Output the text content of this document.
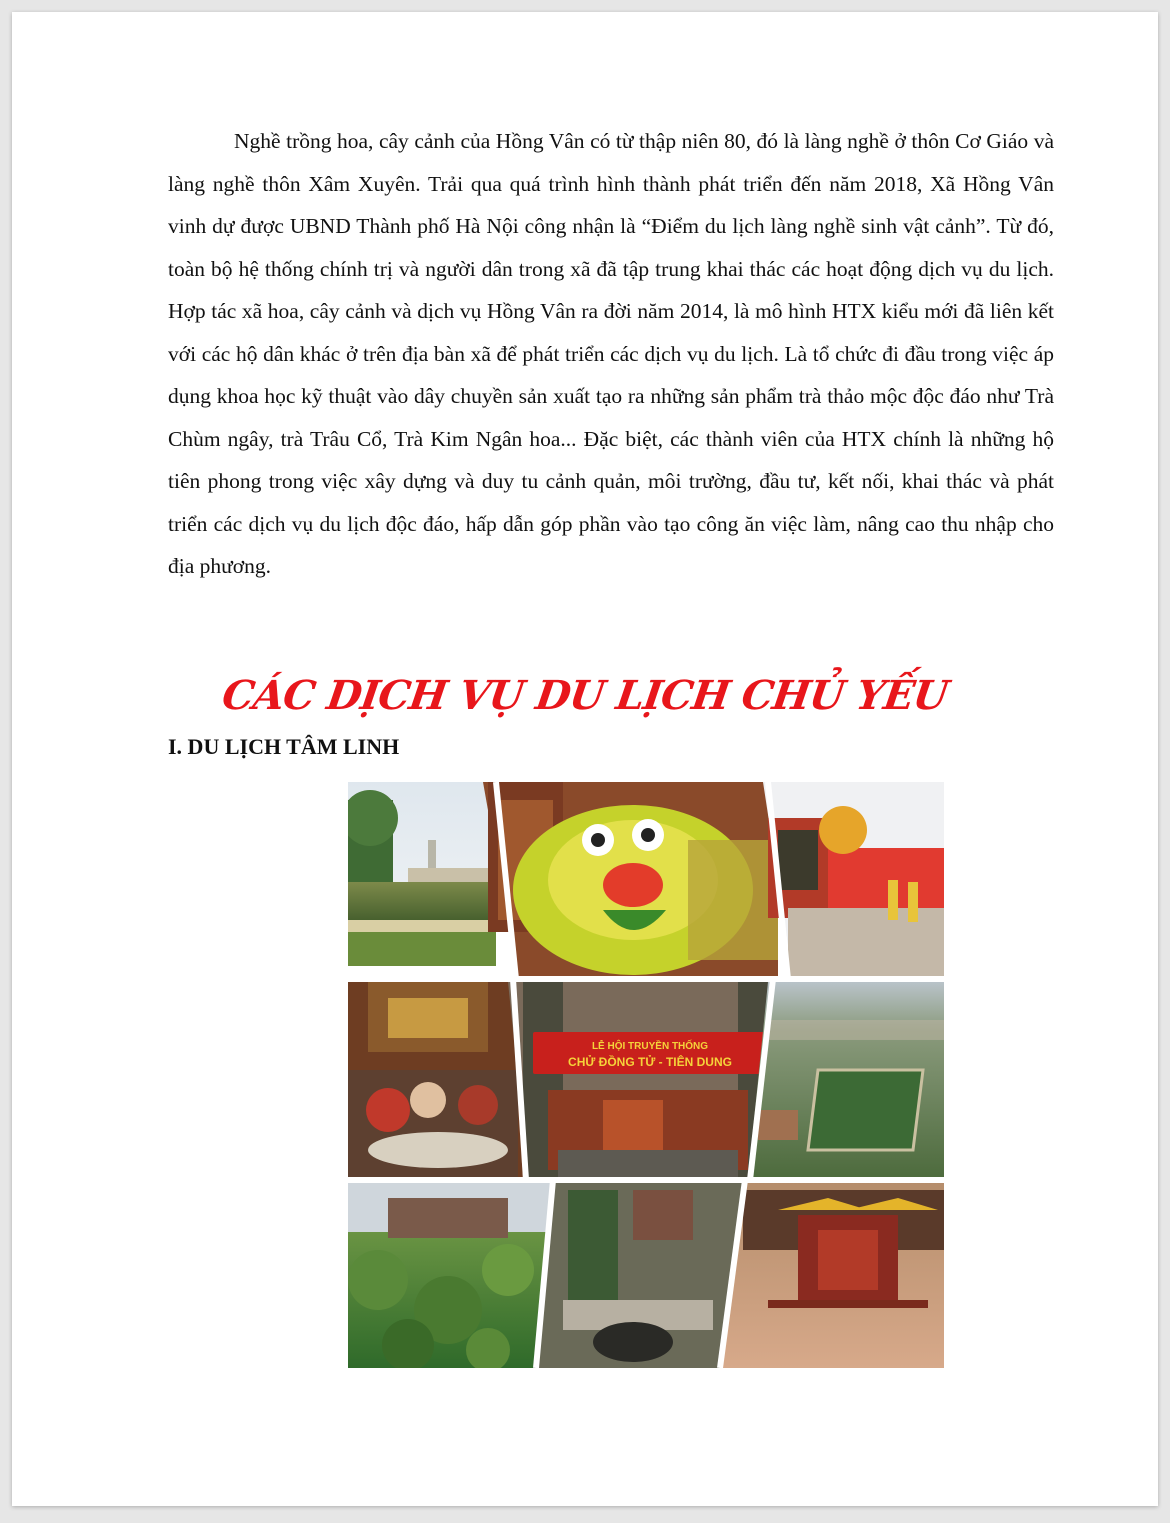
Nghề trồng hoa, cây cảnh của Hồng Vân có từ thập niên 80, đó là làng nghề ở thôn Cơ Giáo và làng nghề thôn Xâm Xuyên. Trải qua quá trình hình thành phát triển đến năm 2018, Xã Hồng Vân vinh dự được UBND Thành phố Hà Nội công nhận là “Điểm du lịch làng nghề sinh vật cảnh”. Từ đó, toàn bộ hệ thống chính trị và người dân trong xã đã tập trung khai thác các hoạt động dịch vụ du lịch. Hợp tác xã hoa, cây cảnh và dịch vụ Hồng Vân ra đời năm 2014, là mô hình HTX kiểu mới đã liên kết với các hộ dân khác ở trên địa bàn xã để phát triển các dịch vụ du lịch. Là tổ chức đi đầu trong việc áp dụng khoa học kỹ thuật vào dây chuyền sản xuất tạo ra những sản phẩm trà thảo mộc độc đáo như Trà Chùm ngây, trà Trâu Cổ, Trà Kim Ngân hoa... Đặc biệt, các thành viên của HTX chính là những hộ tiên phong trong việc xây dựng và duy tu cảnh quản, môi trường, đầu tư, kết nối, khai thác và phát triển các dịch vụ du lịch độc đáo, hấp dẫn góp phần vào tạo công ăn việc làm, nâng cao thu nhập cho địa phương.

CÁC DỊCH VỤ DU LỊCH CHỦ YẾU
I. DU LỊCH TÂM LINH
LỄ HỘI TRUYỀN THỐNG
CHỬ ĐỒNG TỬ - TIÊN DUNG
